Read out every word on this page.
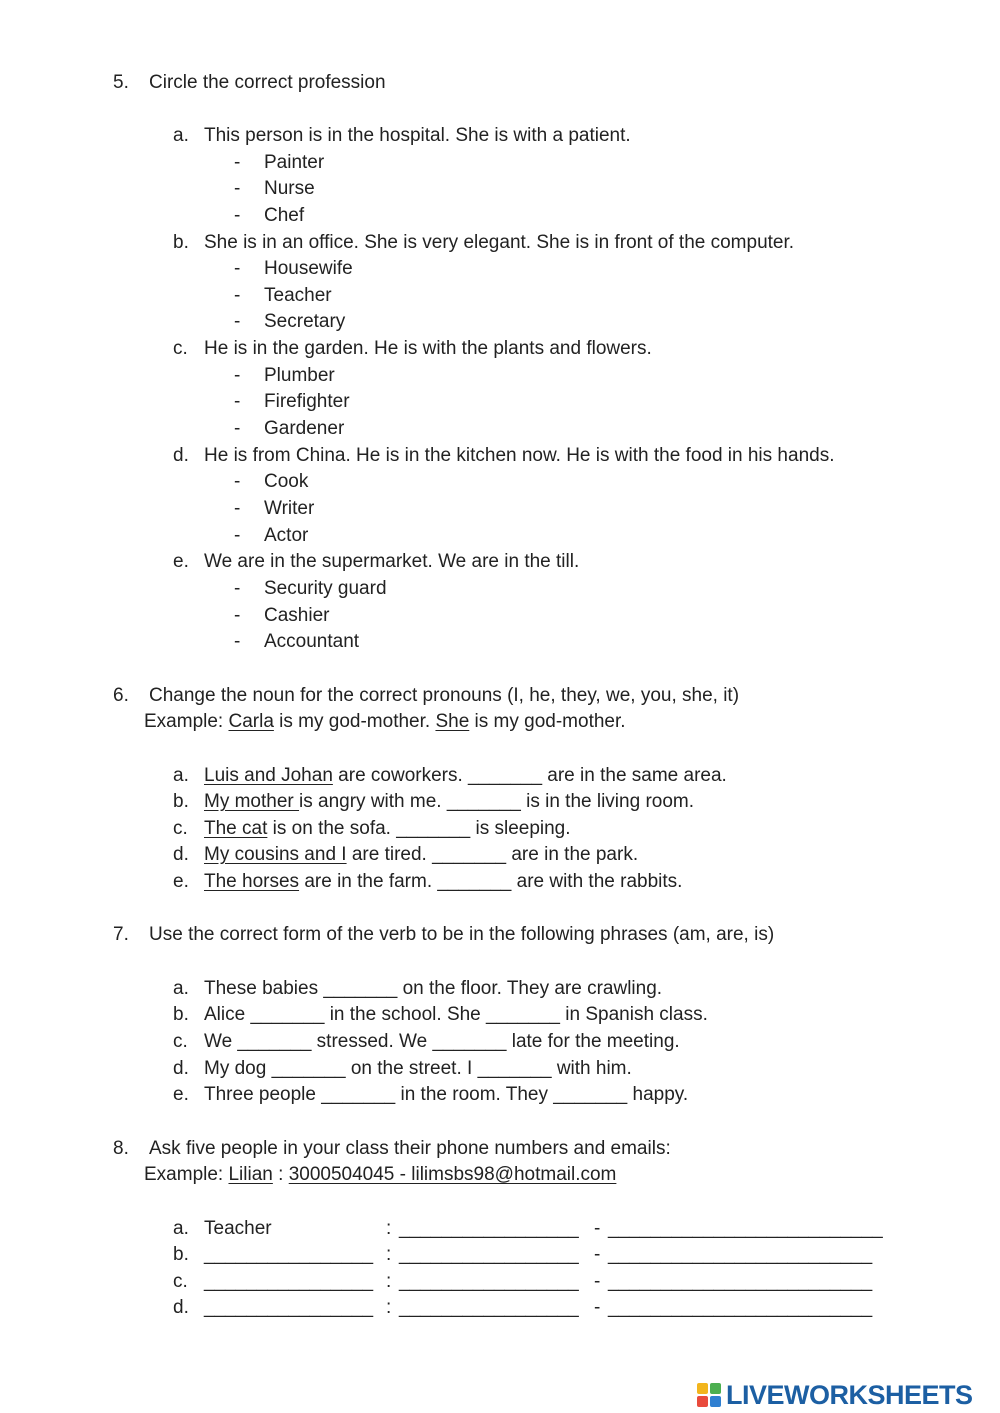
5. Circle the correct profession
a. This person is in the hospital. She is with a patient.
- Painter
- Nurse
- Chef
b. She is in an office. She is very elegant. She is in front of the computer.
- Housewife
- Teacher
- Secretary
c. He is in the garden. He is with the plants and flowers.
- Plumber
- Firefighter
- Gardener
d. He is from China. He is in the kitchen now. He is with the food in his hands.
- Cook
- Writer
- Actor
e. We are in the supermarket. We are in the till.
- Security guard
- Cashier
- Accountant
6. Change the noun for the correct pronouns (I, he, they, we, you, she, it)
Example: Carla is my god-mother. She is my god-mother.
a. Luis and Johan are coworkers. _______ are in the same area.
b. My mother is angry with me. _______ is in the living room.
c. The cat is on the sofa. _______ is sleeping.
d. My cousins and I are tired. _______ are in the park.
e. The horses are in the farm. _______ are with the rabbits.
7. Use the correct form of the verb to be in the following phrases (am, are, is)
a. These babies _______ on the floor. They are crawling.
b. Alice _______ in the school. She _______ in Spanish class.
c. We _______ stressed. We _______ late for the meeting.
d. My dog _______ on the street. I _______ with him.
e. Three people _______ in the room. They _______ happy.
8. Ask five people in your class their phone numbers and emails:
Example: Lilian : 3000504045 - lilimsbs98@hotmail.com
a. Teacher	: _________________ - __________________________
b. ________________ : _________________ - _________________________
c. ________________ : _________________ - _________________________
d. ________________ : _________________ - _________________________
LIVEWORKSHEETS
